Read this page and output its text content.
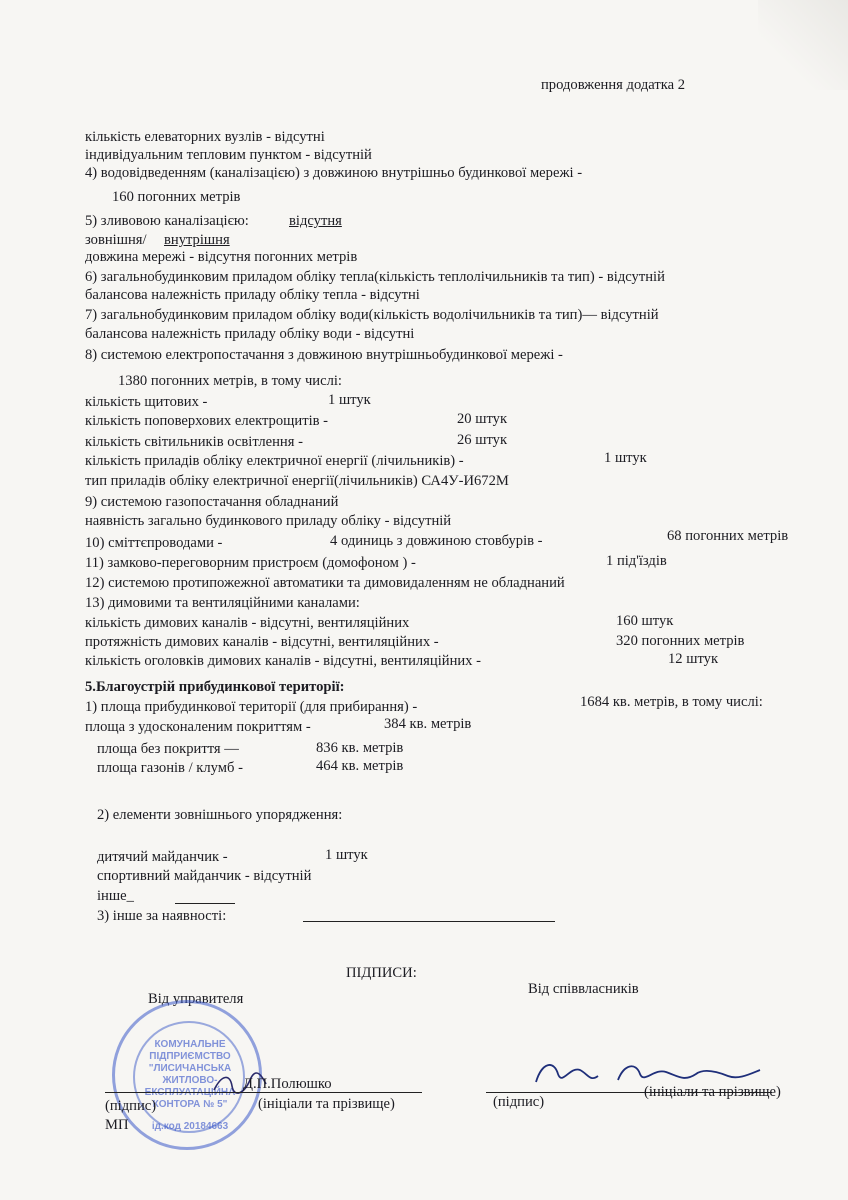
продовження додатка 2
кількість елеваторних вузлів - відсутні
індивідуальним тепловим пунктом - відсутній
4) водовідведенням (каналізацією) з довжиною внутрішньо будинкової мережі -
160 погонних метрів
5) зливовою каналізацією:	відсутня
зовнішня/ внутрішня
довжина мережі - відсутня погонних метрів
6) загальнобудинковим приладом обліку тепла(кількість теплолічильників та тип) - відсутній
балансова належність приладу обліку тепла - відсутні
7) загальнобудинковим приладом обліку води(кількість водолічильників та тип)— відсутній
балансова належність приладу обліку води - відсутні
8) системою електропостачання з довжиною внутрішньобудинкової мережі -
1380 погонних метрів, в тому числі:
кількість щитових -	1 штук
кількість поповерхових електрощитів -	20 штук
кількість світильників освітлення -	26 штук
кількість приладів обліку електричної енергії (лічильників) -	1 штук
тип приладів обліку електричної енергії(лічильників) СА4У-И672М
9) системою газопостачання обладнаний
наявність загально будинкового приладу обліку - відсутній
10) сміттєпроводами -	4 одиниць з довжиною стовбурів -	68 погонних метрів
11) замково-переговорним пристроєм (домофоном ) -	1 під'їздів
12) системою протипожежної автоматики та димовидаленням не обладнаний
13) димовими та вентиляційними каналами:
кількість димових каналів - відсутні, вентиляційних	160 штук
протяжність димових каналів - відсутні, вентиляційних -	320 погонних метрів
кількість оголовків димових каналів - відсутні, вентиляційних -	12 штук
5.Благоустрій прибудинкової території:
1) площа прибудинкової території (для прибирання) -	1684 кв. метрів, в тому числі:
площа з удосконаленим покриттям -	384 кв. метрів
площа без покриття —	836 кв. метрів
площа газонів / клумб -	464 кв. метрів
2) елементи зовнішнього упорядження:
дитячий майданчик -	1 штук
спортивний майданчик - відсутній
інше_
3) інше за наявності:
ПІДПИСИ:
Від управителя
Від співвласників
КОМУНАЛЬНЕ
ПІДПРИЄМСТВО
"ЛИСИЧАНСЬКА
ЖИТЛОВО-
ЕКСПЛУАТАЦІЙНА
КОНТОРА № 5"
ід.код 20184663
Д.П.Полюшко
(підпис)	(ініціали та прізвище)	(підпис)
(ініціали та прізвище)
МП
